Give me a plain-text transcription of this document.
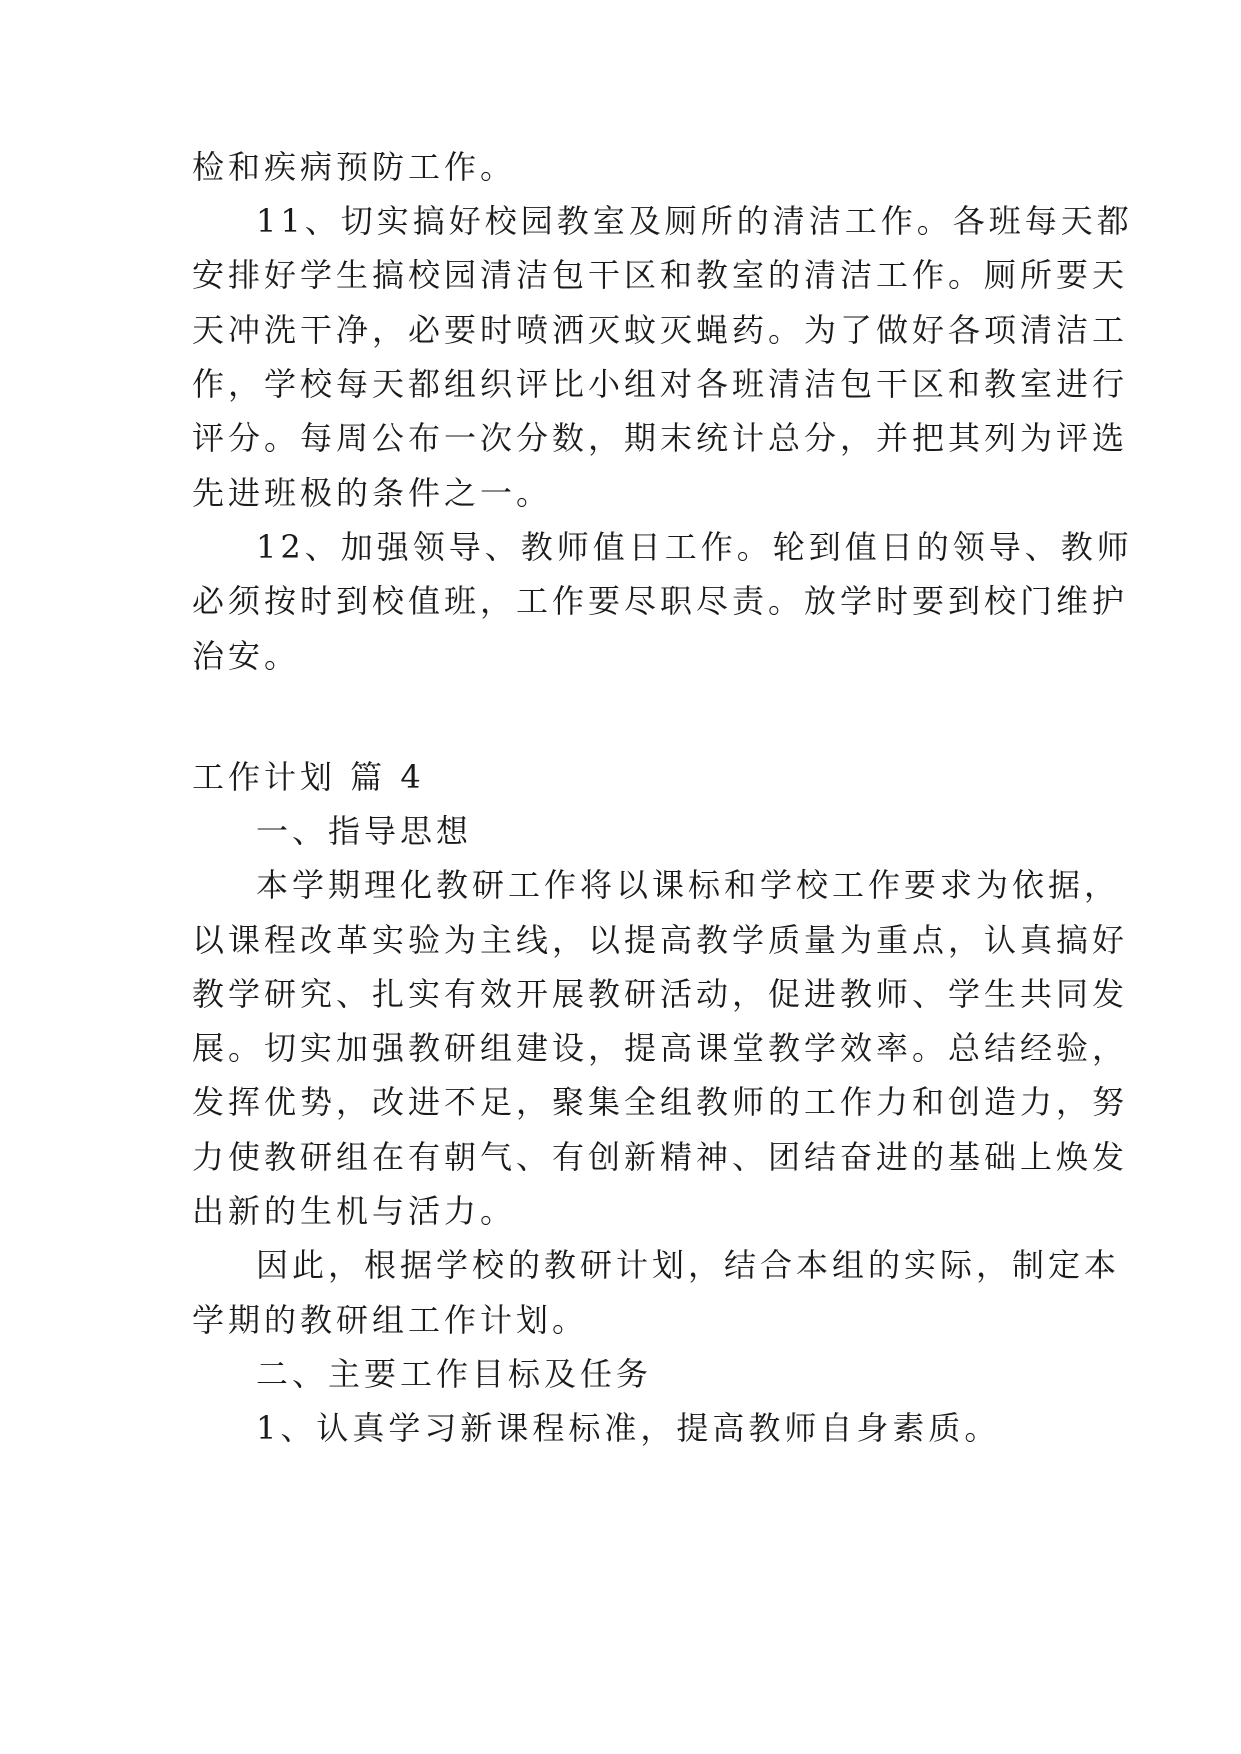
检和疾病预防工作。
11、切实搞好校园教室及厕所的清洁工作。各班每天都
安排好学生搞校园清洁包干区和教室的清洁工作。厕所要天
天冲洗干净，必要时喷洒灭蚊灭蝇药。为了做好各项清洁工
作，学校每天都组织评比小组对各班清洁包干区和教室进行
评分。每周公布一次分数，期末统计总分，并把其列为评选
先进班极的条件之一。
12、加强领导、教师值日工作。轮到值日的领导、教师
必须按时到校值班，工作要尽职尽责。放学时要到校门维护
治安。
工作计划 篇 4
一、指导思想
本学期理化教研工作将以课标和学校工作要求为依据，
以课程改革实验为主线，以提高教学质量为重点，认真搞好
教学研究、扎实有效开展教研活动，促进教师、学生共同发
展。切实加强教研组建设，提高课堂教学效率。总结经验，
发挥优势，改进不足，聚集全组教师的工作力和创造力，努
力使教研组在有朝气、有创新精神、团结奋进的基础上焕发
出新的生机与活力。
因此，根据学校的教研计划，结合本组的实际，制定本
学期的教研组工作计划。
二、主要工作目标及任务
1、认真学习新课程标准，提高教师自身素质。
